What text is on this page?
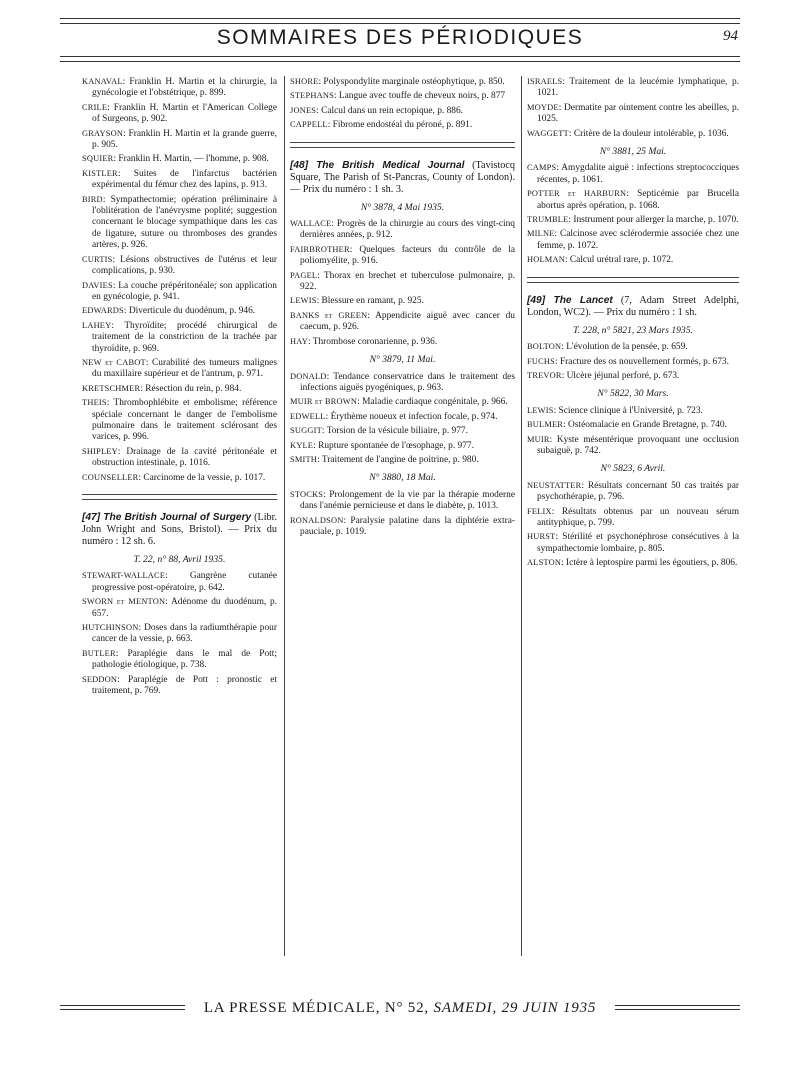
SOMMAIRES DES PÉRIODIQUES	94

KANAVAL: Franklin H. Martin et la chirurgie, la gynécologie et l'obstétrique, p. 899.

CRILE: Franklin H. Martin et l'American College of Surgeons, p. 902.

GRAYSON: Franklin H. Martin et la grande guerre, p. 905.

SQUIER: Franklin H. Martin, — l'homme, p. 908.

KISTLER: Suites de l'infarctus bactérien expérimental du fémur chez des lapins, p. 913.

BIRD: Sympathectomie; opération préliminaire à l'oblitération de l'anévrysme poplité; suggestion concernant le blocage sympathique dans les cas de ligature, suture ou thromboses des grandes artères, p. 926.

CURTIS: Lésions obstructives de l'utérus et leur complications, p. 930.

DAVIES: La couche prépéritonéale; son application en gynécologie, p. 941.

EDWARDS: Diverticule du duodénum, p. 946.

LAHEY: Thyroïdite; procédé chirurgical de traitement de la constriction de la trachée par thyroïdite, p. 969.

NEW et CABOT: Curabilité des tumeurs malignes du maxillaire supérieur et de l'antrum, p. 971.

KRETSCHMER: Résection du rein, p. 984.

THEIS: Thrombophlébite et embolisme; référence spéciale concernant le danger de l'embolisme pulmonaire dans le traitement sclérosant des varices, p. 996.

SHIPLEY: Drainage de la cavité péritonéale et obstruction intestinale, p. 1016.

COUNSELLER: Carcinome de la vessie, p. 1017.

[47] The British Journal of Surgery (Libr. John Wright and Sons, Bristol). — Prix du numéro : 12 sh. 6.
T. 22, n° 88, Avril 1935.

STEWART-WALLACE: Gangrène cutanée progressive post-opératoire, p. 642.

SWORN et MENTON: Adénome du duodénum, p. 657.

HUTCHINSON: Doses dans la radiumthérapie pour cancer de la vessie, p. 663.

BUTLER: Paraplégie dans le mal de Pott; pathologie étiologique, p. 738.

SEDDON: Paraplégie de Pott : pronostic et traitement, p. 769.

SHORE: Polyspondylite marginale ostéophytique, p. 850.

STEPHANS: Langue avec touffe de cheveux noirs, p. 877

JONES: Calcul dans un rein ectopique, p. 886.

CAPPELL: Fibrome endostéal du péroné, p. 891.

[48] The British Medical Journal (Tavistocq Square, The Parish of St-Pancras, County of London). — Prix du numéro : 1 sh. 3.
N° 3878, 4 Mai 1935.

WALLACE: Progrès de la chirurgie au cours des vingt-cinq dernières années, p. 912.

FAIRBROTHER: Quelques facteurs du contrôle de la poliomyélite, p. 916.

PAGEL: Thorax en brechet et tuberculose pulmonaire, p. 922.

LEWIS: Blessure en ramant, p. 925.

BANKS et GREEN: Appendicite aiguë avec cancer du caecum, p. 926.

HAY: Thrombose coronarienne, p. 936.

N° 3879, 11 Mai.

DONALD: Tendance conservatrice dans le traitement des infections aiguës pyogéniques, p. 963.

MUIR et BROWN: Maladie cardiaque congénitale, p. 966.

EDWELL: Érythème noueux et infection focale, p. 974.

SUGGIT: Torsion de la vésicule biliaire, p. 977.

KYLE: Rupture spontanée de l'œsophage, p. 977.

SMITH: Traitement de l'angine de poitrine, p. 980.

N° 3880, 18 Mai.

STOCKS: Prolongement de la vie par la thérapie moderne dans l'anémie pernicieuse et dans le diabète, p. 1013.

RONALDSON: Paralysie palatine dans la diphtérie extra-pauciale, p. 1019.

ISRAELS: Traitement de la leucémie lymphatique, p. 1021.

MOYDE: Dermatite par ointement contre les abeilles, p. 1025.

WAGGETT: Critère de la douleur intolérable, p. 1036.

N° 3881, 25 Mai.

CAMPS: Amygdalite aiguë : infections streptococciques récentes, p. 1061.

POTTER et HARBURN: Septicémie par Brucella abortus après opération, p. 1068.

TRUMBLE: Instrument pour allerger la marche, p. 1070.

MILNE: Calcinose avec sclérodermie associée chez une femme, p. 1072.

HOLMAN: Calcul urétral rare, p. 1072.

[49] The Lancet (7, Adam Street Adelphi, London, WC2). — Prix du numéro : 1 sh.
T. 228, n° 5821, 23 Mars 1935.

BOLTON: L'évolution de la pensée, p. 659.

FUCHS: Fracture des os nouvellement formés, p. 673.

TREVOR: Ulcère jéjunal perforé, p. 673.

N° 5822, 30 Mars.

LEWIS: Science clinique à l'Université, p. 723.

BULMER: Ostéomalacie en Grande Bretagne, p. 740.

MUIR: Kyste mésentérique provoquant une occlusion subaiguë, p. 742.

N° 5823, 6 Avril.

NEUSTATTER: Résultats concernant 50 cas traités par psychothérapie, p. 796.

FELIX: Résultats obtenus par un nouveau sérum antityphique, p. 799.

HURST: Stérilité et psychonéphrose consécutives à la sympathectomie lombaire, p. 805.

ALSTON: Ictère à leptospire parmi les égoutiers, p. 806.

LA PRESSE MÉDICALE, N° 52, SAMEDI, 29 JUIN 1935
